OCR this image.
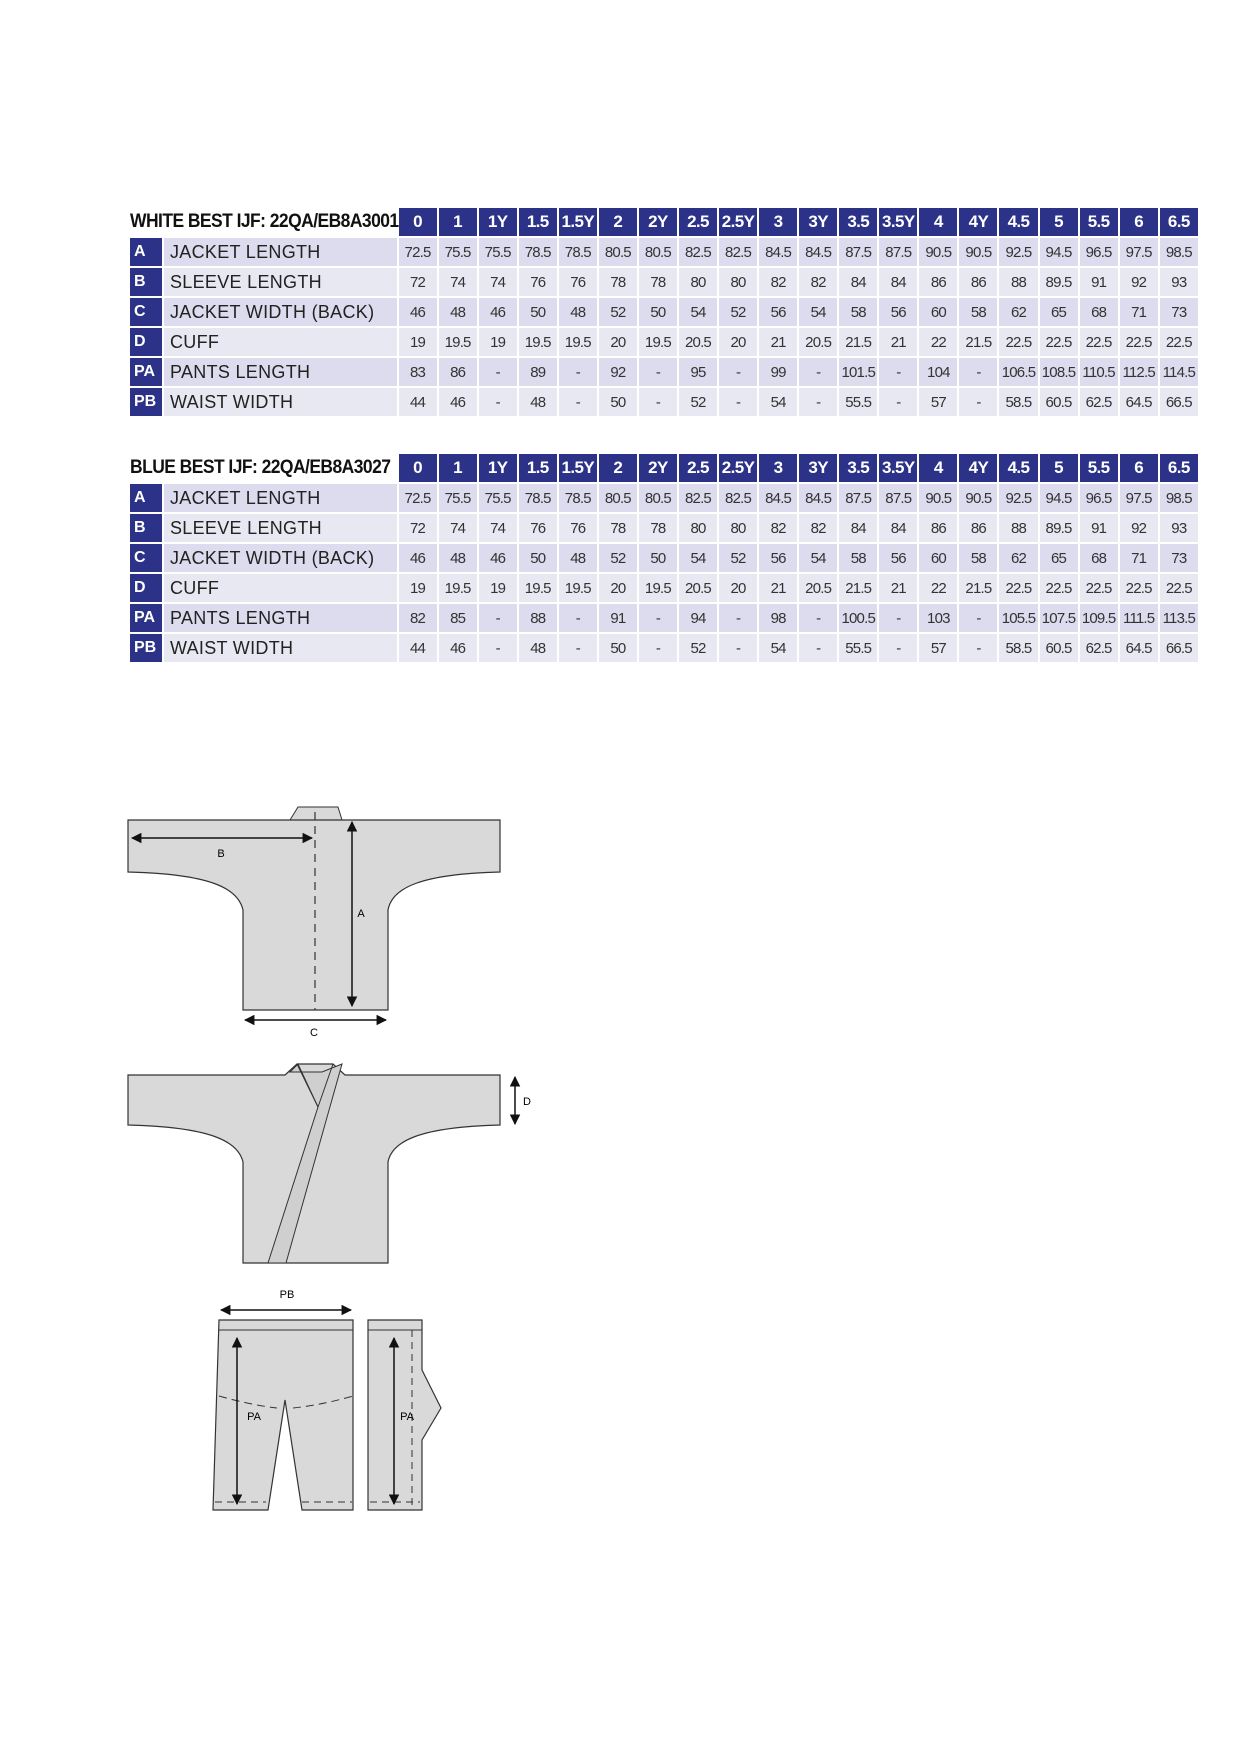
WHITE BEST IJF: 22QA/EB8A3001	0	1	1Y	1.5	1.5Y	2	2Y	2.5	2.5Y	3	3Y	3.5	3.5Y	4	4Y	4.5	5	5.5	6	6.5

A JACKET LENGTH	72.5	75.5	75.5	78.5	78.5	80.5	80.5	82.5	82.5	84.5	84.5	87.5	87.5	90.5	90.5	92.5	94.5	96.5	97.5	98.5

B SLEEVE LENGTH	72	74	74	76	76	78	78	80	80	82	82	84	84	86	86	88	89.5	91	92	93

C JACKET WIDTH (BACK)	46	48	46	50	48	52	50	54	52	56	54	58	56	60	58	62	65	68	71	73

D CUFF	19	19.5	19	19.5	19.5	20	19.5	20.5	20	21	20.5	21.5	21	22	21.5	22.5	22.5	22.5	22.5	22.5

PA PANTS LENGTH	83	86	-	89	-	92	-	95	-	99	-	101.5	-	104	-	106.5	108.5	110.5	112.5	114.5

PB WAIST WIDTH	44	46	-	48	-	50	-	52	-	54	-	55.5	-	57	-	58.5	60.5	62.5	64.5	66.5
BLUE BEST IJF: 22QA/EB8A3027	0	1	1Y	1.5	1.5Y	2	2Y	2.5	2.5Y	3	3Y	3.5	3.5Y	4	4Y	4.5	5	5.5	6	6.5

A JACKET LENGTH	72.5	75.5	75.5	78.5	78.5	80.5	80.5	82.5	82.5	84.5	84.5	87.5	87.5	90.5	90.5	92.5	94.5	96.5	97.5	98.5

B SLEEVE LENGTH	72	74	74	76	76	78	78	80	80	82	82	84	84	86	86	88	89.5	91	92	93

C JACKET WIDTH (BACK)	46	48	46	50	48	52	50	54	52	56	54	58	56	60	58	62	65	68	71	73

D CUFF	19	19.5	19	19.5	19.5	20	19.5	20.5	20	21	20.5	21.5	21	22	21.5	22.5	22.5	22.5	22.5	22.5

PA PANTS LENGTH	82	85	-	88	-	91	-	94	-	98	-	100.5	-	103	-	105.5	107.5	109.5	111.5	113.5

PB WAIST WIDTH	44	46	-	48	-	50	-	52	-	54	-	55.5	-	57	-	58.5	60.5	62.5	64.5	66.5
B
A
C
D
PB
PA	PA
